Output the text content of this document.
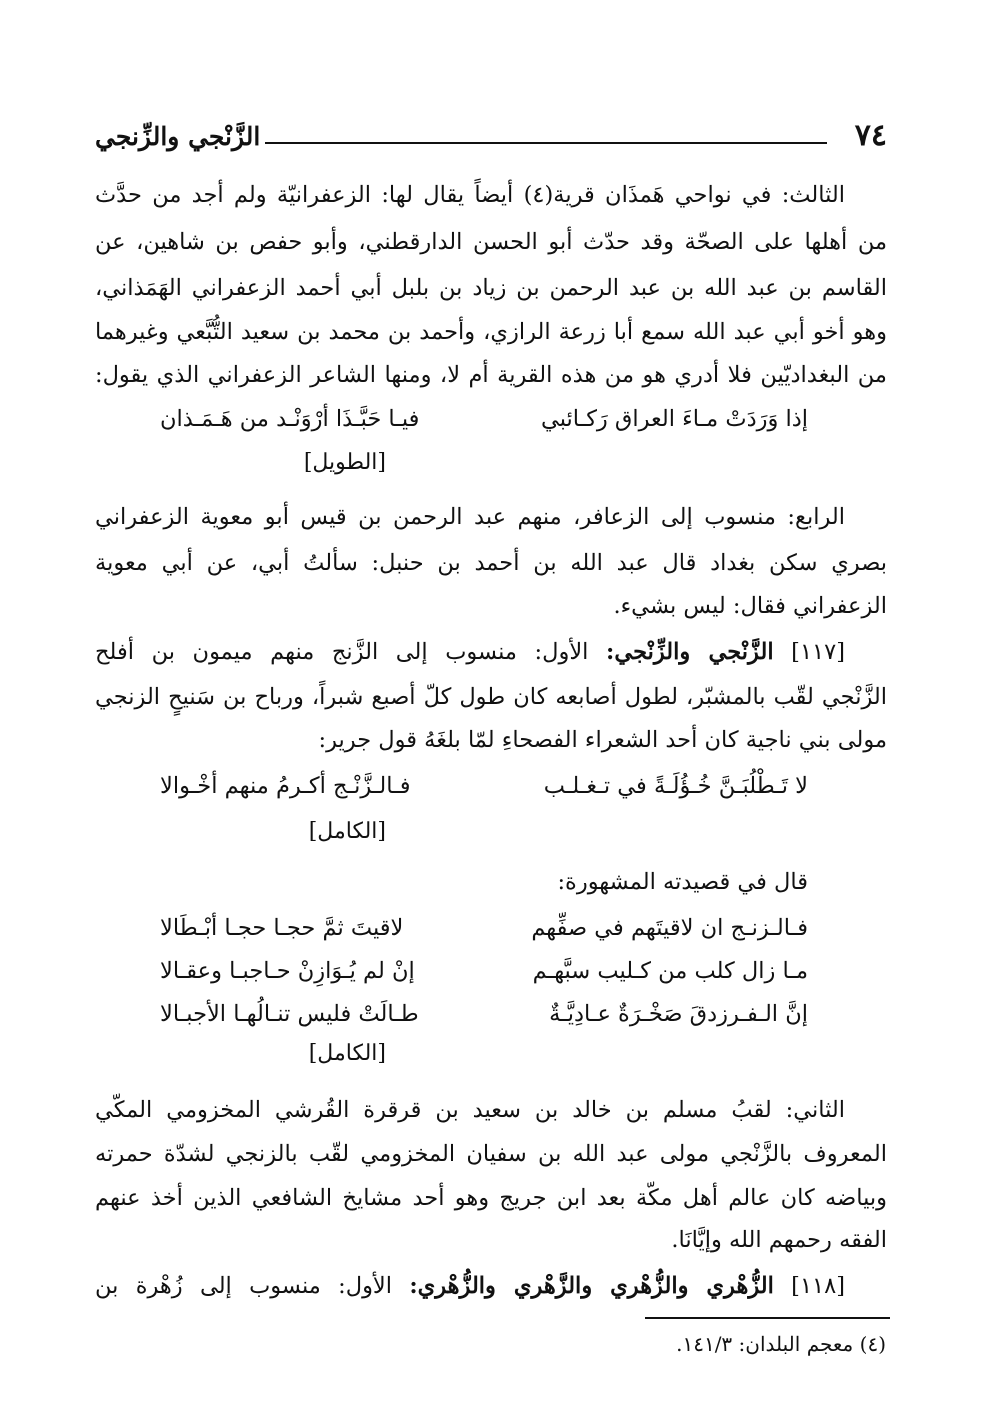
٧٤
الزَّنْجي والزِّنجي
الثالث: في نواحي هَمذَان قرية(٤) أيضاً يقال لها: الزعفرانيّة ولم أجد من حدَّث
من أهلها على الصحّة وقد حدّث أبو الحسن الدارقطني، وأبو حفص بن شاهين، عن
القاسم بن عبد الله بن عبد الرحمن بن زياد بن بلبل أبي أحمد الزعفراني الهَمَذاني،
وهو أخو أبي عبد الله سمع أبا زرعة الرازي، وأحمد بن محمد بن سعيد التُّبَّعي وغيرهما
من البغداديّين فلا أدري هو من هذه القرية أم لا، ومنها الشاعر الزعفراني الذي يقول:
إذا وَرَدَتْ مـاءَ العراق رَكـائبي
فيـا حَبَّـذَا أرْوَنْـد من هَـمَـذان
[الطويل]
الرابع: منسوب إلى الزعافر، منهم عبد الرحمن بن قيس أبو معوية الزعفراني
بصري سكن بغداد قال عبد الله بن أحمد بن حنبل: سألتُ أبي، عن أبي معوية
الزعفراني فقال: ليس بشيء.
[١١٧] الزَّنْجي والزِّنْجي: الأول: منسوب إلى الزَّنج منهم ميمون بن أفلح
الزَّنْجي لقّب بالمشبّر، لطول أصابعه كان طول كلّ أصبع شبراً، ورباح بن سَنيحٍ الزنجي
مولى بني ناجية كان أحد الشعراء الفصحاءِ لمّا بلغَهُ قول جرير:
لا تَـطْلُبَـنَّ خُـؤُلَـةً في تـغـلـب
فـالـزَّنْـج أكـرمُ منهم أخْـوالا
[الكامل]
قال في قصيدته المشهورة:
فـالـزنـج ان لاقيتَهم في صفِّهم
لاقيتَ ثمَّ حجـا حجـا أبْـطَالا
مـا زال كلب من كـليب سبَّهـم
إنْ لم يُـوَازِنْ حـاجبـا وعقـالا
إنَّ الـفـرزدقَ صَخْـرَةٌ عـادِيَّـةٌ
طـالَتْ فليس تنـالُهـا الأجبـالا
[الكامل]
الثاني: لقبُ مسلم بن خالد بن سعيد بن قرقرة القُرشي المخزومي المكّي
المعروف بالزَّنْجي مولى عبد الله بن سفيان المخزومي لقّب بالزنجي لشدّة حمرته
وبياضه كان عالم أهل مكّة بعد ابن جريج وهو أحد مشايخ الشافعي الذين أخذ عنهم
الفقه رحمهم الله وإيَّانَا.
[١١٨] الزُّهْري والزُّهْري والزَّهْري والزُّهْري: الأول: منسوب إلى زُهْرة بن
(٤) معجم البلدان: ١٤١/٣.
